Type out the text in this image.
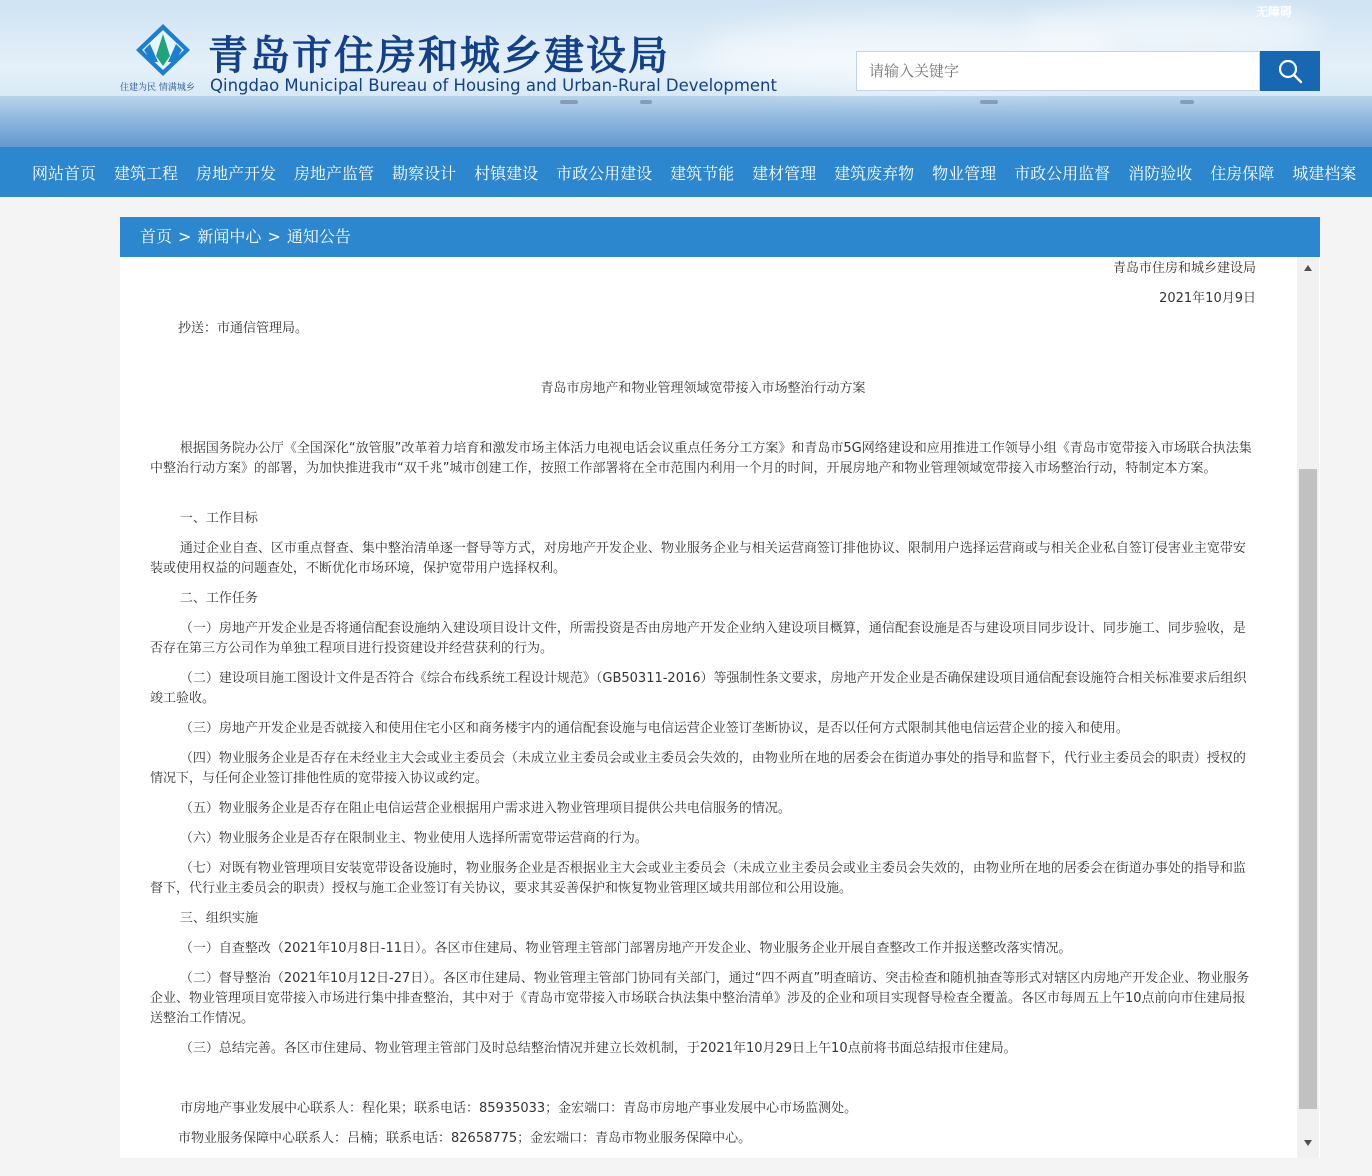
住建为民 情满城乡
青岛市住房和城乡建设局
Qingdao Municipal Bureau of Housing and Urban-Rural Development
无障碍
请输入关键字
网站首页 建筑工程 房地产开发 房地产监管 勘察设计 村镇建设 市政公用建设 建筑节能 建材管理 建筑废弃物 物业管理 市政公用监督 消防验收 住房保障 城建档案
首页 > 新闻中心 > 通知公告

青岛市住房和城乡建设局

2021年10月9日

抄送：市通信管理局。

青岛市房地产和物业管理领域宽带接入市场整治行动方案

根据国务院办公厅《全国深化“放管服”改革着力培育和激发市场主体活力电视电话会议重点任务分工方案》和青岛市5G网络建设和应用推进工作领导小组《青岛市宽带接入市场联合执法集中整治行动方案》的部署，为加快推进我市“双千兆”城市创建工作，按照工作部署将在全市范围内利用一个月的时间，开展房地产和物业管理领域宽带接入市场整治行动，特制定本方案。

一、工作目标

通过企业自查、区市重点督查、集中整治清单逐一督导等方式，对房地产开发企业、物业服务企业与相关运营商签订排他协议、限制用户选择运营商或与相关企业私自签订侵害业主宽带安装或使用权益的问题查处，不断优化市场环境，保护宽带用户选择权利。

二、工作任务

（一）房地产开发企业是否将通信配套设施纳入建设项目设计文件，所需投资是否由房地产开发企业纳入建设项目概算，通信配套设施是否与建设项目同步设计、同步施工、同步验收，是否存在第三方公司作为单独工程项目进行投资建设并经营获利的行为。

（二）建设项目施工图设计文件是否符合《综合布线系统工程设计规范》（GB50311-2016）等强制性条文要求，房地产开发企业是否确保建设项目通信配套设施符合相关标准要求后组织竣工验收。

（三）房地产开发企业是否就接入和使用住宅小区和商务楼宇内的通信配套设施与电信运营企业签订垄断协议，是否以任何方式限制其他电信运营企业的接入和使用。

（四）物业服务企业是否存在未经业主大会或业主委员会（未成立业主委员会或业主委员会失效的，由物业所在地的居委会在街道办事处的指导和监督下，代行业主委员会的职责）授权的情况下，与任何企业签订排他性质的宽带接入协议或约定。

（五）物业服务企业是否存在阻止电信运营企业根据用户需求进入物业管理项目提供公共电信服务的情况。

（六）物业服务企业是否存在限制业主、物业使用人选择所需宽带运营商的行为。

（七）对既有物业管理项目安装宽带设备设施时，物业服务企业是否根据业主大会或业主委员会（未成立业主委员会或业主委员会失效的，由物业所在地的居委会在街道办事处的指导和监督下，代行业主委员会的职责）授权与施工企业签订有关协议，要求其妥善保护和恢复物业管理区域共用部位和公用设施。

三、组织实施

（一）自查整改（2021年10月8日-11日）。各区市住建局、物业管理主管部门部署房地产开发企业、物业服务企业开展自查整改工作并报送整改落实情况。

（二）督导整治（2021年10月12日-27日）。各区市住建局、物业管理主管部门协同有关部门，通过“四不两直”明查暗访、突击检查和随机抽查等形式对辖区内房地产开发企业、物业服务企业、物业管理项目宽带接入市场进行集中排查整治，其中对于《青岛市宽带接入市场联合执法集中整治清单》涉及的企业和项目实现督导检查全覆盖。各区市每周五上午10点前向市住建局报送整治工作情况。

（三）总结完善。各区市住建局、物业管理主管部门及时总结整治情况并建立长效机制，于2021年10月29日上午10点前将书面总结报市住建局。

市房地产事业发展中心联系人：程化果；联系电话：85935033；金宏端口：青岛市房地产事业发展中心市场监测处。

市物业服务保障中心联系人：吕楠；联系电话：82658775；金宏端口：青岛市物业服务保障中心。
